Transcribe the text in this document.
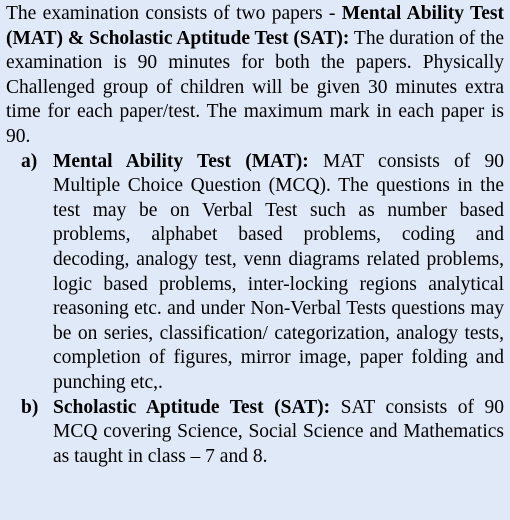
The examination consists of two papers - Mental Ability Test (MAT) & Scholastic Aptitude Test (SAT): The duration of the examination is 90 minutes for both the papers. Physically Challenged group of children will be given 30 minutes extra time for each paper/test. The maximum mark in each paper is 90.

a) Mental Ability Test (MAT): MAT consists of 90 Multiple Choice Question (MCQ). The questions in the test may be on Verbal Test such as number based problems, alphabet based problems, coding and decoding, analogy test, venn diagrams related problems, logic based problems, inter-locking regions analytical reasoning etc. and under Non-Verbal Tests questions may be on series, classification/ categorization, analogy tests, completion of figures, mirror image, paper folding and punching etc,.
b) Scholastic Aptitude Test (SAT): SAT consists of 90 MCQ covering Science, Social Science and Mathematics as taught in class – 7 and 8.
